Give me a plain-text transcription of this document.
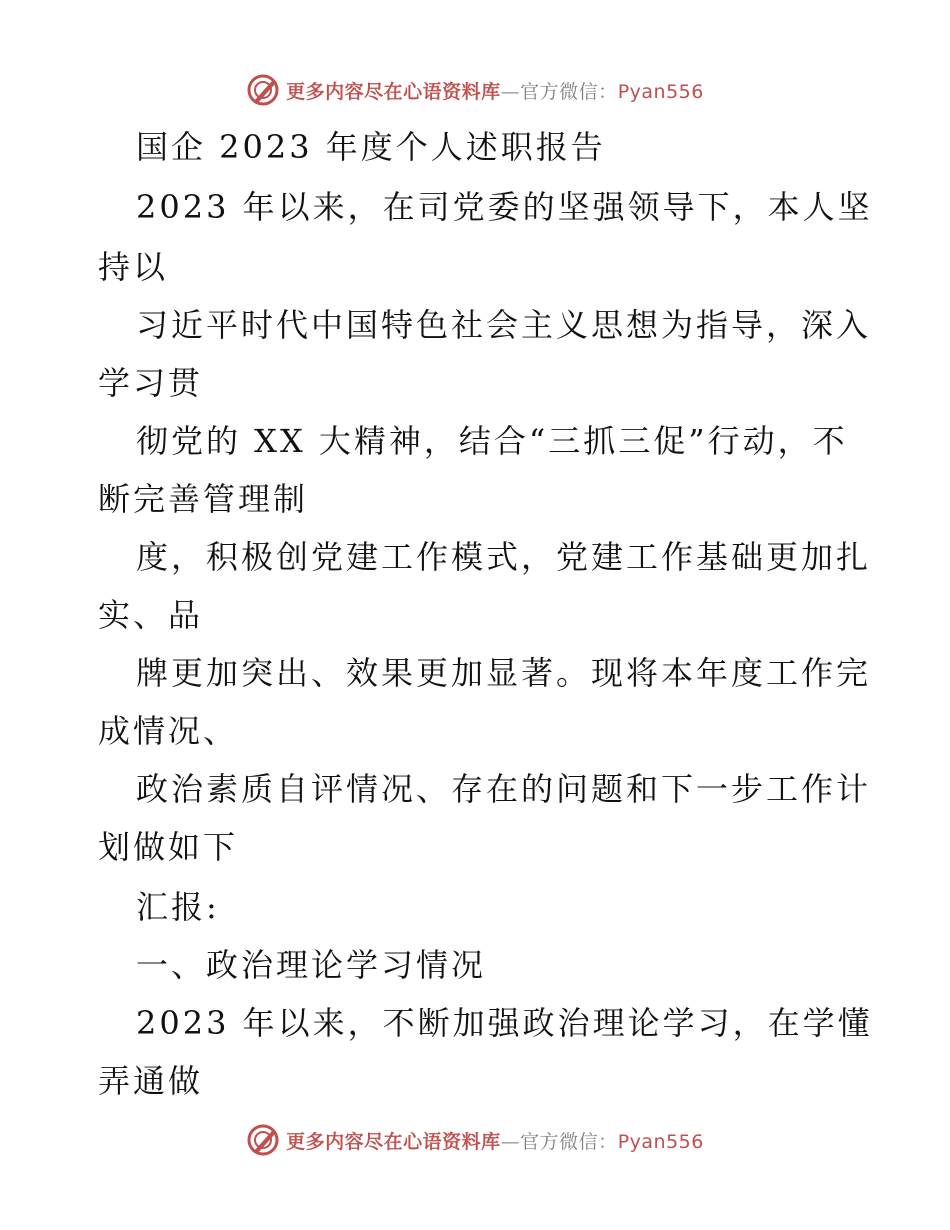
更多内容尽在心语资料库—官方微信：Pyan556
国企 2023 年度个人述职报告
2023 年以来，在司党委的坚强领导下，本人坚
持以
习近平时代中国特色社会主义思想为指导，深入
学习贯
彻党的 XX 大精神，结合“三抓三促”行动，不
断完善管理制
度，积极创党建工作模式，党建工作基础更加扎
实、品
牌更加突出、效果更加显著。现将本年度工作完
成情况、
政治素质自评情况、存在的问题和下一步工作计
划做如下
汇报:
一、政治理论学习情况
2023 年以来，不断加强政治理论学习，在学懂
弄通做
更多内容尽在心语资料库—官方微信：Pyan556
